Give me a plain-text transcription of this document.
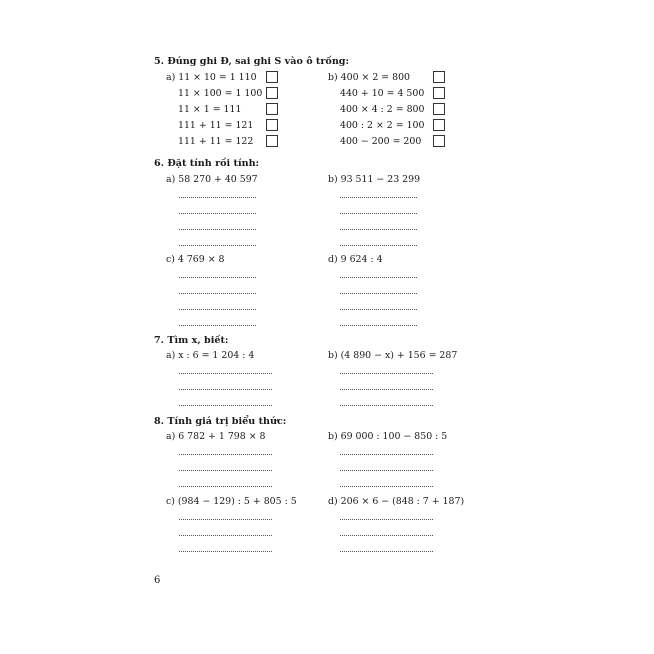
5. Đúng ghi Đ, sai ghi S vào ô trống:
a) 11 × 10 = 1 110
11 × 100 = 1 100
11 × 1 = 111
111 + 11 = 121
111 + 11 = 122
b) 400 × 2 = 800
440 + 10 = 4 500
400 × 4 : 2 = 800
400 : 2 × 2 = 100
400 − 200 = 200
6. Đặt tính rồi tính:
a) 58 270 + 40 597	b) 93 511 − 23 299
c) 4 769 × 8	d) 9 624 : 4
7. Tìm x, biết:
a) x : 6 = 1 204 : 4	b) (4 890 − x) + 156 = 287
8. Tính giá trị biểu thức:
a) 6 782 + 1 798 × 8	b) 69 000 : 100 − 850 : 5
c) (984 − 129) : 5 + 805 : 5	d) 206 × 6 − (848 : 7 + 187)
6
